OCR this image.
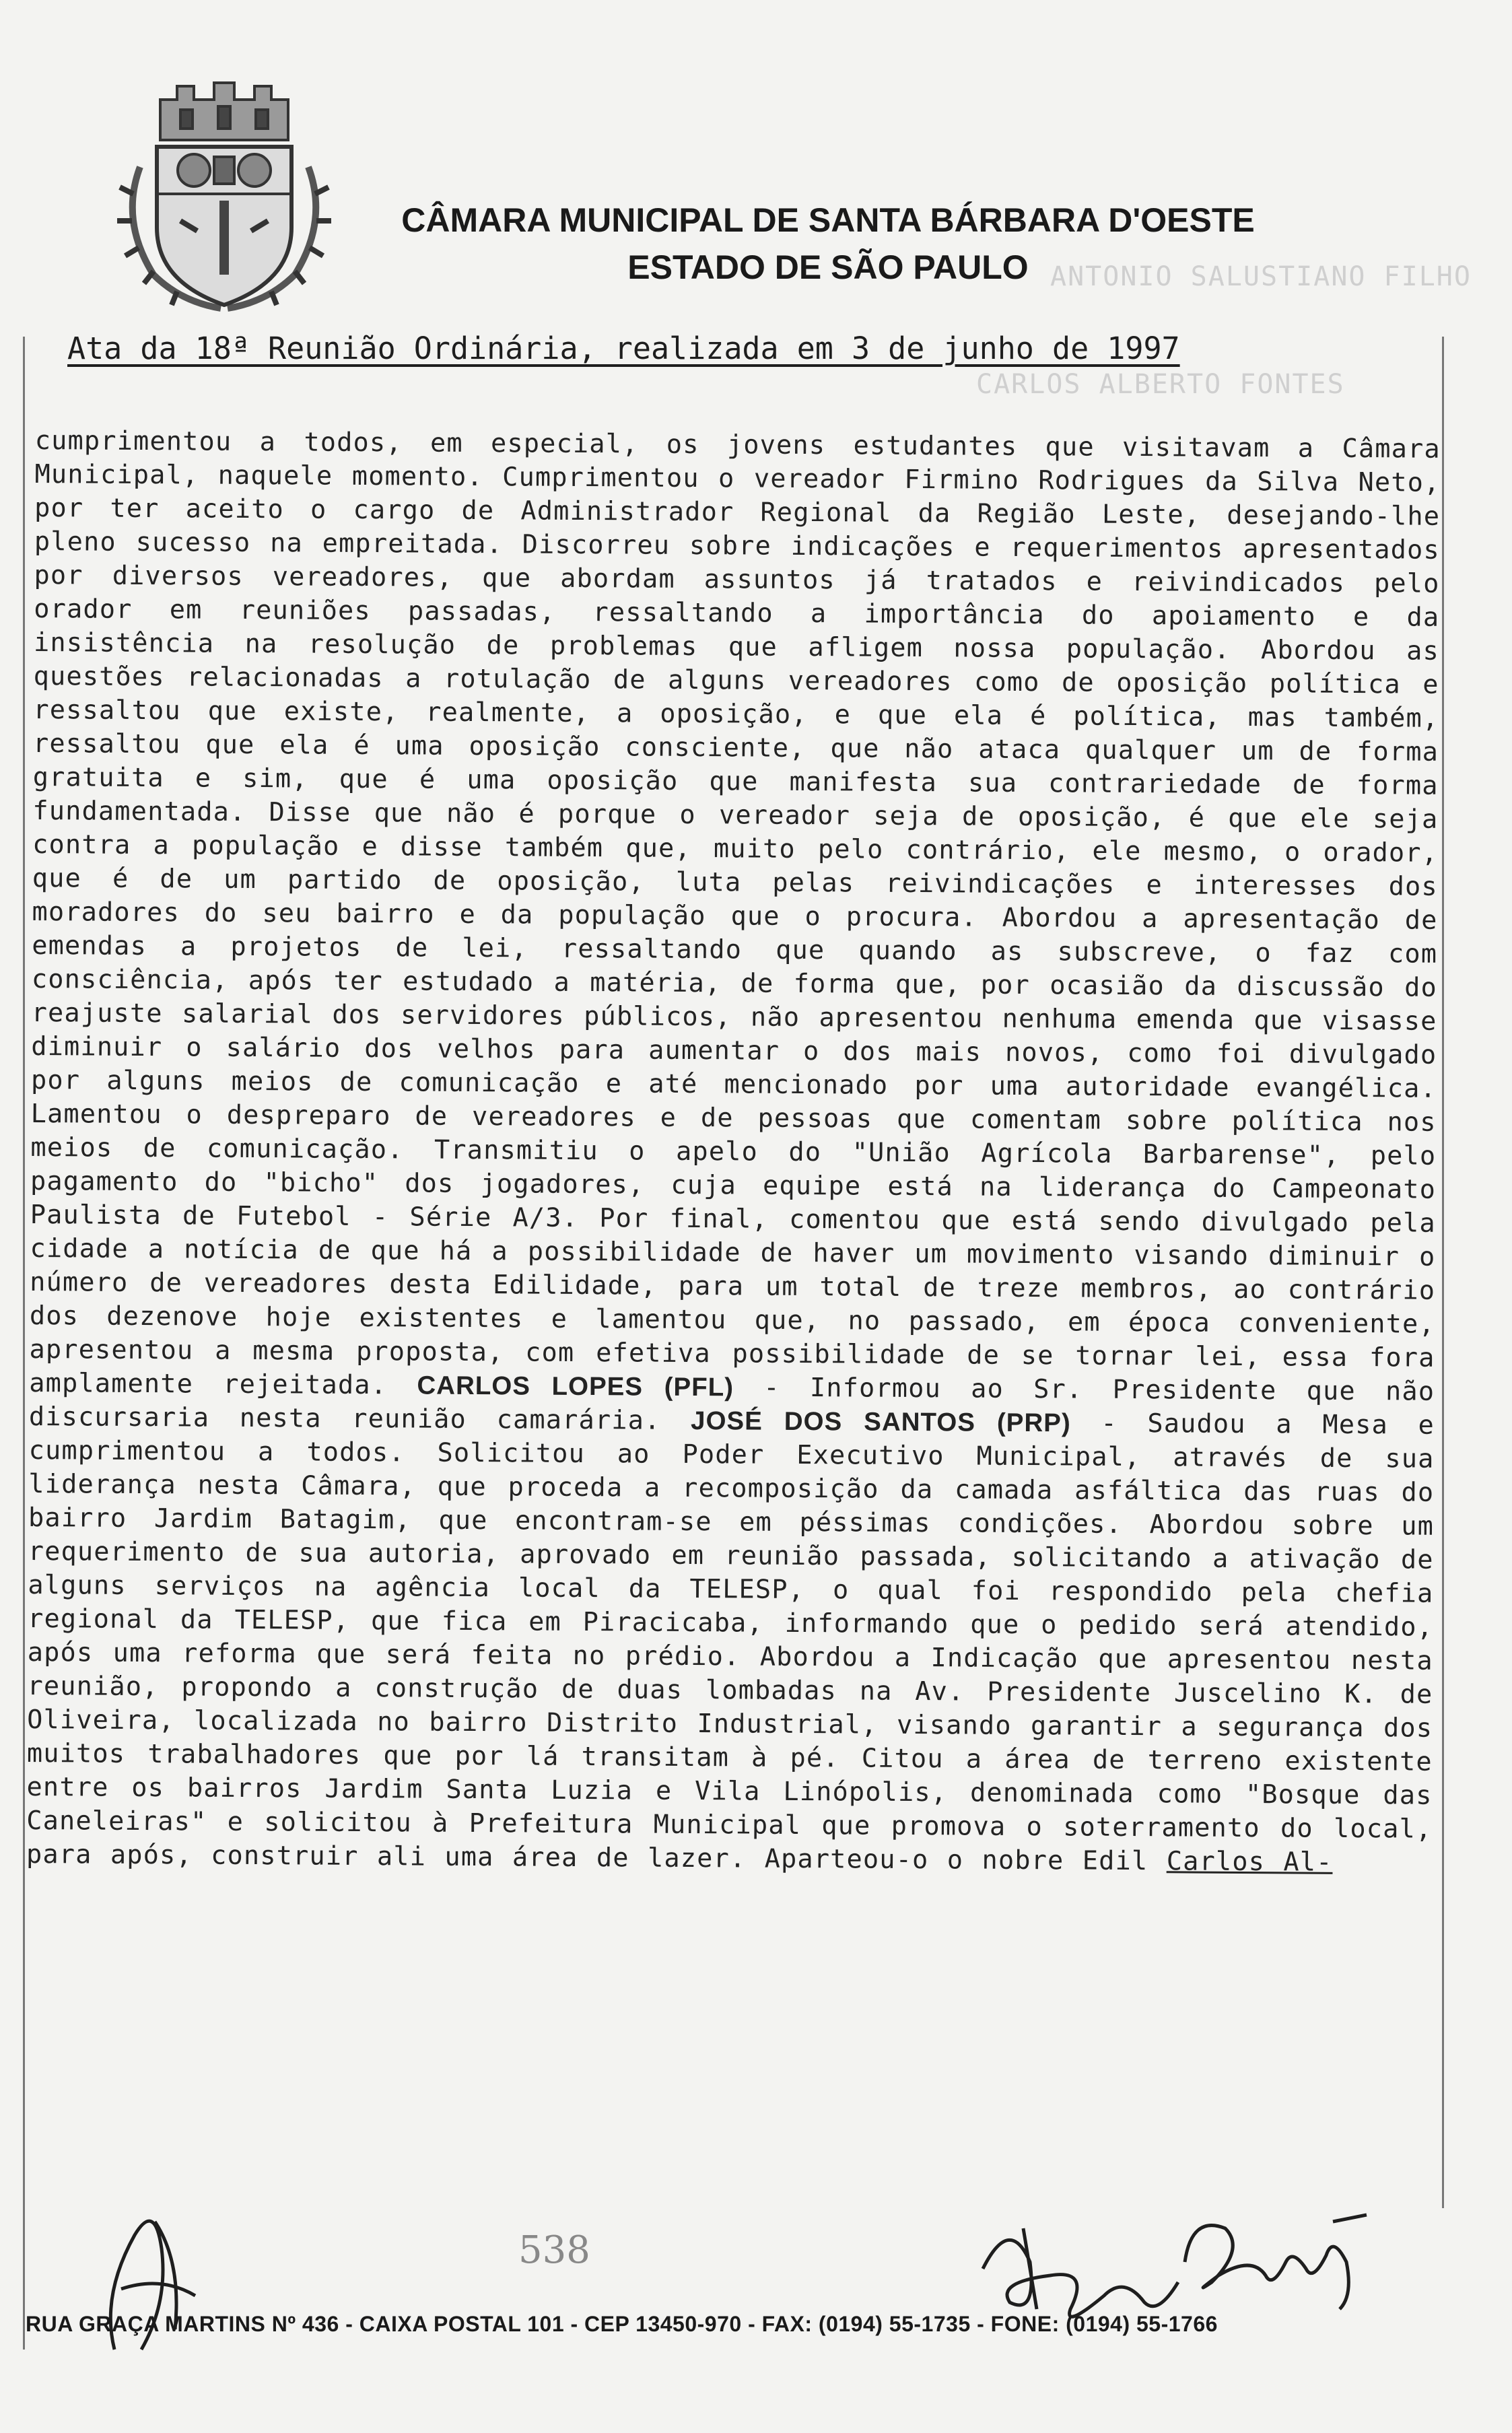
CÂMARA MUNICIPAL DE SANTA BÁRBARA D'OESTE
ESTADO DE SÃO PAULO ANTONIO SALUSTIANO FILHO
CARLOS ALBERTO FONTES
Ata da 18ª Reunião Ordinária, realizada em 3 de junho de 1997

cumprimentou a todos, em especial, os jovens estudantes que visitavam a Câmara Municipal, naquele momento. Cumprimentou o vereador Firmino Rodrigues da Silva Neto, por ter aceito o cargo de Administrador Regional da Região Leste, desejando-lhe pleno sucesso na empreitada. Discorreu sobre indicações e requerimentos apresentados por diversos vereadores, que abordam assuntos já tratados e reivindicados pelo orador em reuniões passadas, ressaltando a importância do apoiamento e da insistência na resolução de problemas que afligem nossa população. Abordou as questões relacionadas a rotulação de alguns vereadores como de oposição política e ressaltou que existe, realmente, a oposição, e que ela é política, mas também, ressaltou que ela é uma oposição consciente, que não ataca qualquer um de forma gratuita e sim, que é uma oposição que manifesta sua contrariedade de forma fundamentada. Disse que não é porque o vereador seja de oposição, é que ele seja contra a população e disse também que, muito pelo contrário, ele mesmo, o orador, que é de um partido de oposição, luta pelas reivindicações e interesses dos moradores do seu bairro e da população que o procura. Abordou a apresentação de emendas a projetos de lei, ressaltando que quando as subscreve, o faz com consciência, após ter estudado a matéria, de forma que, por ocasião da discussão do reajuste salarial dos servidores públicos, não apresentou nenhuma emenda que visasse diminuir o salário dos velhos para aumentar o dos mais novos, como foi divulgado por alguns meios de comunicação e até mencionado por uma autoridade evangélica. Lamentou o despreparo de vereadores e de pessoas que comentam sobre política nos meios de comunicação. Transmitiu o apelo do "União Agrícola Barbarense", pelo pagamento do "bicho" dos jogadores, cuja equipe está na liderança do Campeonato Paulista de Futebol - Série A/3. Por final, comentou que está sendo divulgado pela cidade a notícia de que há a possibilidade de haver um movimento visando diminuir o número de vereadores desta Edilidade, para um total de treze membros, ao contrário dos dezenove hoje existentes e lamentou que, no passado, em época conveniente, apresentou a mesma proposta, com efetiva possibilidade de se tornar lei, essa fora amplamente rejeitada. CARLOS LOPES (PFL) - Informou ao Sr. Presidente que não discursaria nesta reunião camarária. JOSÉ DOS SANTOS (PRP) - Saudou a Mesa e cumprimentou a todos. Solicitou ao Poder Executivo Municipal, através de sua liderança nesta Câmara, que proceda a recomposição da camada asfáltica das ruas do bairro Jardim Batagim, que encontram-se em péssimas condições. Abordou sobre um requerimento de sua autoria, aprovado em reunião passada, solicitando a ativação de alguns serviços na agência local da TELESP, o qual foi respondido pela chefia regional da TELESP, que fica em Piracicaba, informando que o pedido será atendido, após uma reforma que será feita no prédio. Abordou a Indicação que apresentou nesta reunião, propondo a construção de duas lombadas na Av. Presidente Juscelino K. de Oliveira, localizada no bairro Distrito Industrial, visando garantir a segurança dos muitos trabalhadores que por lá transitam à pé. Citou a área de terreno existente entre os bairros Jardim Santa Luzia e Vila Linópolis, denominada como "Bosque das Caneleiras" e solicitou à Prefeitura Municipal que promova o soterramento do local, para após, construir ali uma área de lazer. Aparteou-o o nobre Edil Carlos Al-

538
RUA GRAÇA MARTINS Nº 436 - CAIXA POSTAL 101 - CEP 13450-970 - FAX: (0194) 55-1735 - FONE: (0194) 55-1766
